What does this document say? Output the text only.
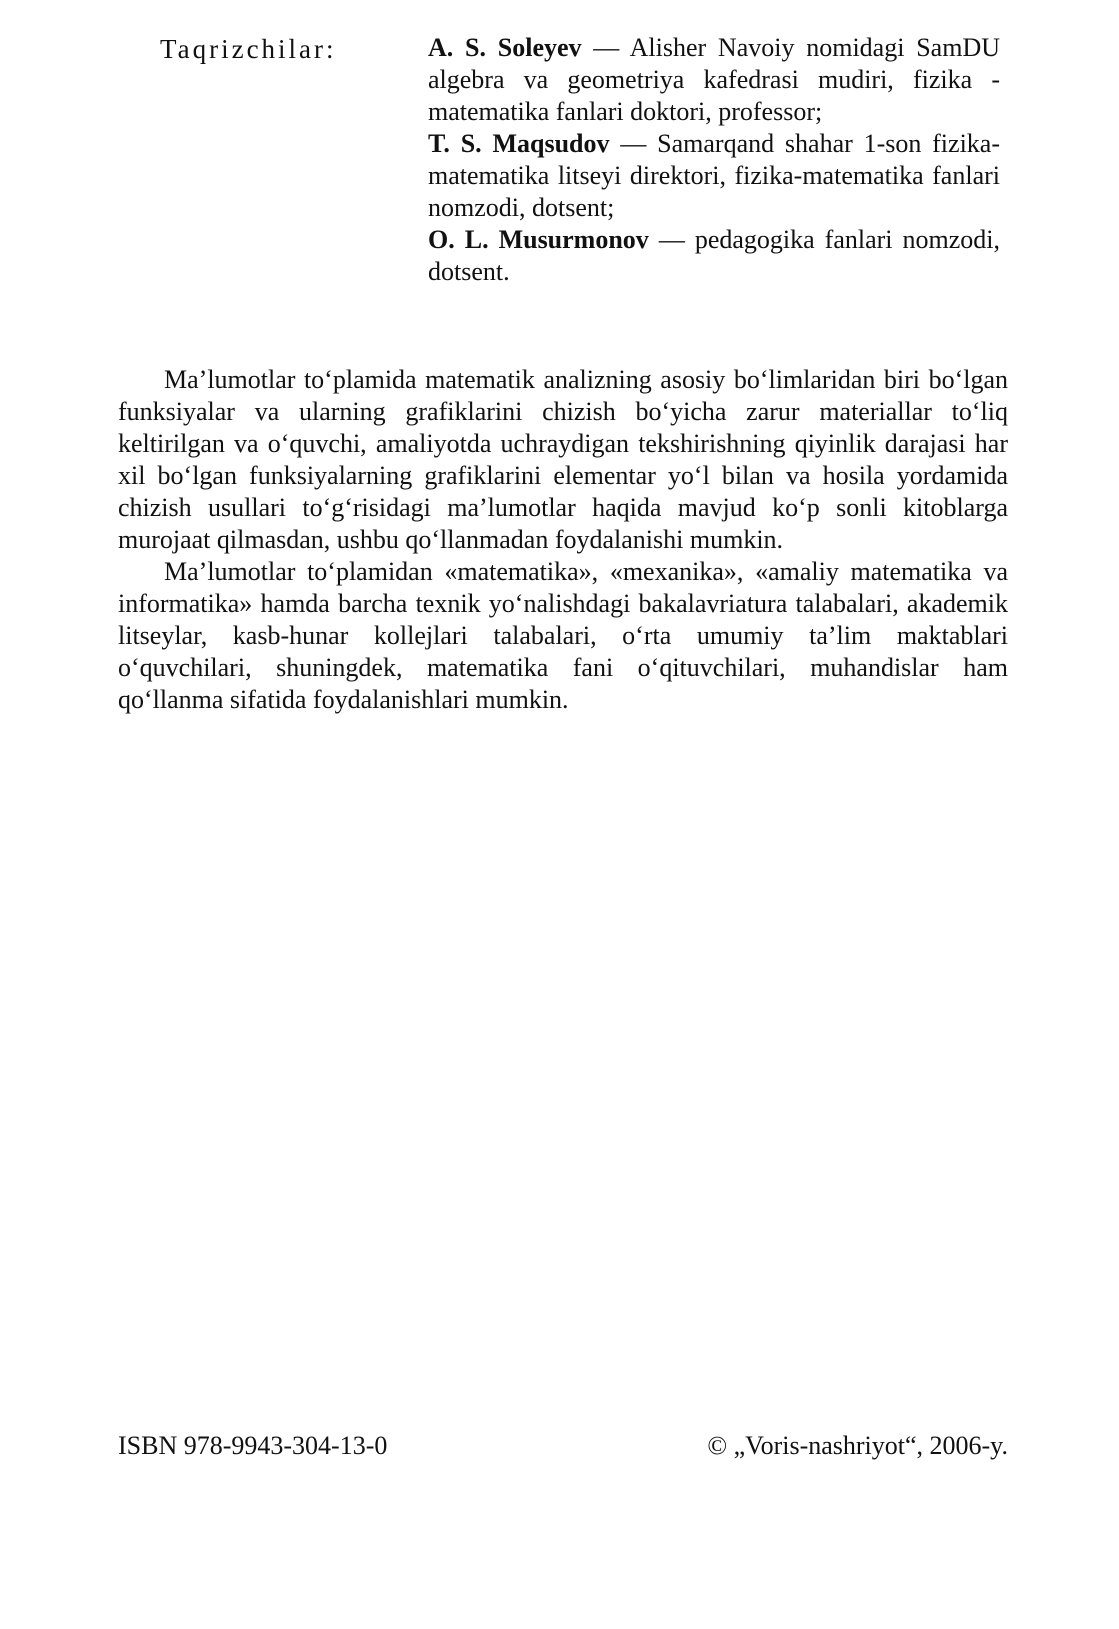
Taqrizchilar:	A. S. Soleyev — Alisher Navoiy nomidagi SamDU algebra va geometriya kafedrasi mudiri, fizika - matematika fanlari doktori, professor;

T. S. Maqsudov — Samarqand shahar 1-son fizika-matematika litseyi direktori, fizika-matematika fanlari nomzodi, dotsent;

O. L. Musurmonov — pedagogika fanlari nomzodi, dotsent.

Ma’lumotlar to‘plamida matematik analizning asosiy bo‘limlaridan biri bo‘lgan funksiyalar va ularning grafiklarini chizish bo‘yicha zarur materiallar to‘liq keltirilgan va o‘quvchi, amaliyotda uchraydigan tekshirishning qiyinlik darajasi har xil bo‘lgan funksiyalarning grafiklarini elementar yo‘l bilan va hosila yordamida chizish usullari to‘g‘risidagi ma’lumotlar haqida mavjud ko‘p sonli kitoblarga murojaat qilmasdan, ushbu qo‘llanmadan foydalanishi mumkin.

Ma’lumotlar to‘plamidan «matematika», «mexanika», «amaliy matematika va informatika» hamda barcha texnik yo‘nalishdagi bakalavriatura talabalari, akademik litseylar, kasb-hunar kollejlari talabalari, o‘rta umumiy ta’lim maktablari o‘quvchilari, shuningdek, matematika fani o‘qituvchilari, muhandislar ham qo‘llanma sifatida foydalanishlari mumkin.

ISBN 978-9943-304-13-0	© „Voris-nashriyot“, 2006-y.
